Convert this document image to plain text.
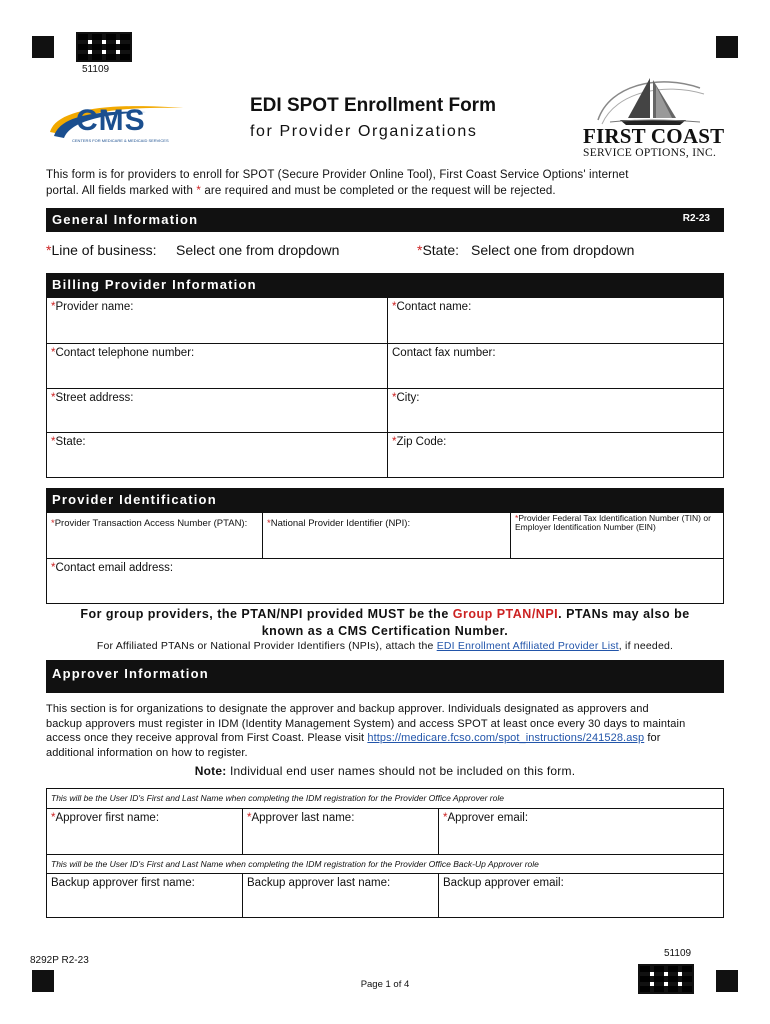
51109
51109
CMS
CENTERS FOR MEDICARE & MEDICAID SERVICES
EDI SPOT Enrollment Form
for Provider Organizations	FIRST COAST
SERVICE OPTIONS, INC.
This form is for providers to enroll for SPOT (Secure Provider Online Tool), First Coast Service Options' internet
portal. All fields marked with * are required and must be completed or the request will be rejected.
General Information	R2-23
*Line of business: Select one from dropdown	*State: Select one from dropdown
Billing Provider Information
*Provider name:	*Contact name:
*Contact telephone number:	Contact fax number:
*Street address:	*City:
*State:	*Zip Code:
Provider Identification
*Provider Transaction Access Number (PTAN):	*National Provider Identifier (NPI):	*Provider Federal Tax Identification Number (TIN) or
Employer Identification Number (EIN)
*Contact email address:
For group providers, the PTAN/NPI provided MUST be the Group PTAN/NPI. PTANs may also be
known as a CMS Certification Number.
For Affiliated PTANs or National Provider Identifiers (NPIs), attach the EDI Enrollment Affiliated Provider List, if needed.
Approver Information
This section is for organizations to designate the approver and backup approver. Individuals designated as approvers and
backup approvers must register in IDM (Identity Management System) and access SPOT at least once every 30 days to maintain
access once they receive approval from First Coast. Please visit https://medicare.fcso.com/spot_instructions/241528.asp for
additional information on how to register.
Note: Individual end user names should not be included on this form.
This will be the User ID's First and Last Name when completing the IDM registration for the Provider Office Approver role
*Approver first name:	*Approver last name:	*Approver email:
This will be the User ID's First and Last Name when completing the IDM registration for the Provider Office Back-Up Approver role
Backup approver first name:	Backup approver last name:	Backup approver email:
8292P R2-23
Page 1 of 4
